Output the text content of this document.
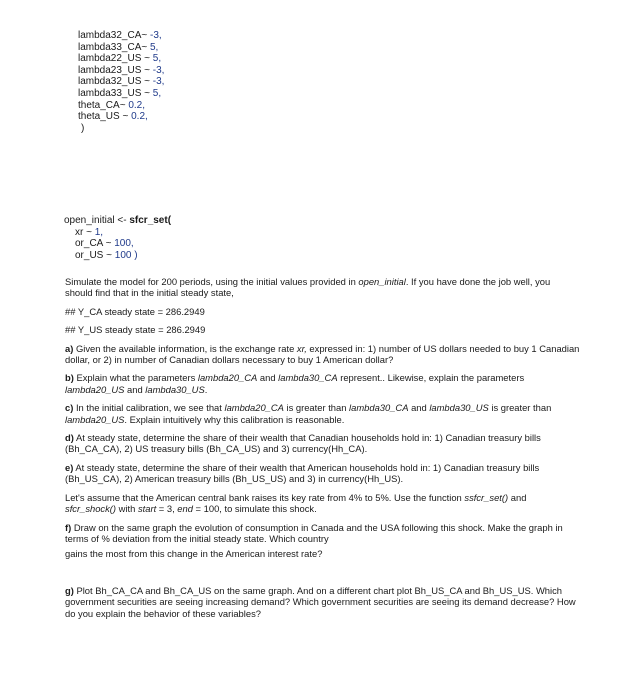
lambda32_CA~ -3,
lambda33_CA~ 5,
lambda22_US ~ 5,
lambda23_US ~ -3,
lambda32_US ~ -3,
lambda33_US ~ 5,
theta_CA~ 0.2,
theta_US ~ 0.2,
)
open_initial <- sfcr_set(
xr ~ 1,
or_CA ~ 100,
or_US ~ 100 )

Simulate the model for 200 periods, using the initial values provided in open_initial. If you have done the job well, you should find that in the initial steady state,

## Y_CA steady state = 286.2949

## Y_US steady state = 286.2949

a) Given the available information, is the exchange rate xr, expressed in: 1) number of US dollars needed to buy 1 Canadian dollar, or 2) in number of Canadian dollars necessary to buy 1 American dollar?

b) Explain what the parameters lambda20_CA and lambda30_CA represent.. Likewise, explain the parameters lambda20_US and lambda30_US.

c) In the initial calibration, we see that lambda20_CA is greater than lambda30_CA and lambda30_US is greater than lambda20_US. Explain intuitively why this calibration is reasonable.

d) At steady state, determine the share of their wealth that Canadian households hold in: 1) Canadian treasury bills (Bh_CA_CA), 2) US treasury bills (Bh_CA_US) and 3) currency(Hh_CA).

e) At steady state, determine the share of their wealth that American households hold in: 1) Canadian treasury bills (Bh_US_CA), 2) American treasury bills (Bh_US_US) and 3) in currency(Hh_US).

Let's assume that the American central bank raises its key rate from 4% to 5%. Use the function ssfcr_set() and sfcr_shock() with start = 3, end = 100, to simulate this shock.

f) Draw on the same graph the evolution of consumption in Canada and the USA following this shock. Make the graph in terms of % deviation from the initial steady state. Which country

gains the most from this change in the American interest rate?

g) Plot Bh_CA_CA and Bh_CA_US on the same graph. And on a different chart plot Bh_US_CA and Bh_US_US. Which government securities are seeing increasing demand? Which government securities are seeing its demand decrease? How do you explain the behavior of these variables?
